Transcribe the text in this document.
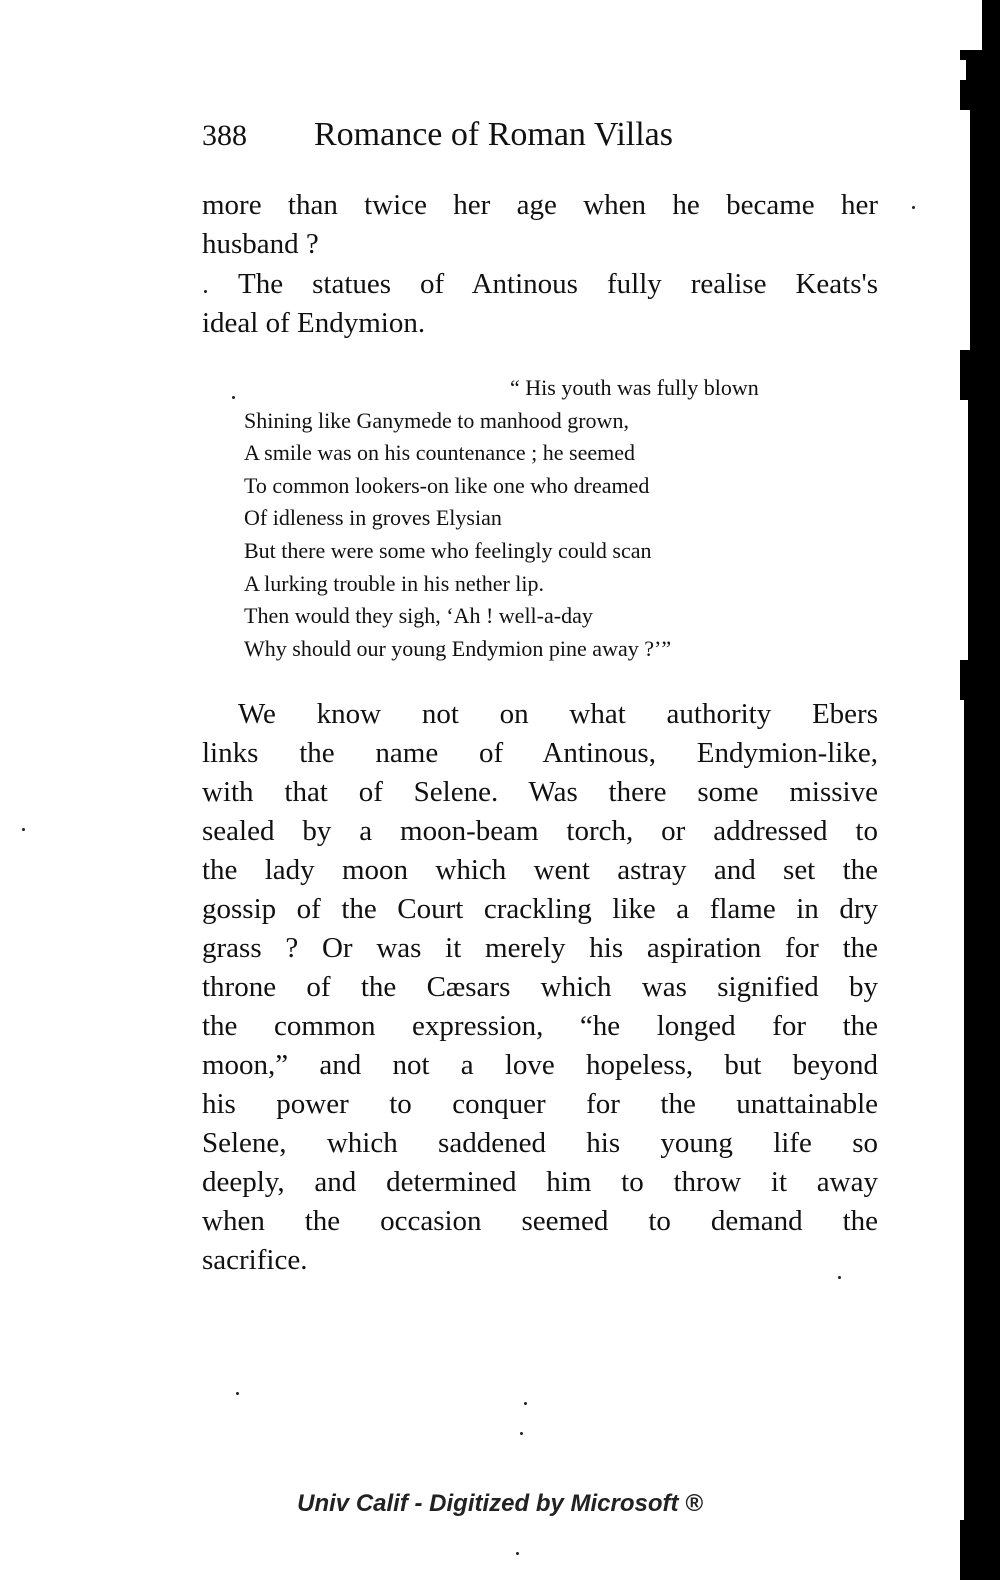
388 Romance of Roman Villas
more than twice her age when he became her
husband ?
The statues of Antinous fully realise Keats's
ideal of Endymion.
“ His youth was fully blown
Shining like Ganymede to manhood grown,
A smile was on his countenance ; he seemed
To common lookers-on like one who dreamed
Of idleness in groves Elysian
But there were some who feelingly could scan
A lurking trouble in his nether lip.
Then would they sigh, ‘Ah ! well-a-day
Why should our young Endymion pine away ?’”
We know not on what authority Ebers
links the name of Antinous, Endymion-like,
with that of Selene. Was there some missive
sealed by a moon-beam torch, or addressed to
the lady moon which went astray and set the
gossip of the Court crackling like a flame in dry
grass ? Or was it merely his aspiration for the
throne of the Cæsars which was signified by
the common expression, “he longed for the
moon,” and not a love hopeless, but beyond
his power to conquer for the unattainable
Selene, which saddened his young life so
deeply, and determined him to throw it away
when the occasion seemed to demand the
sacrifice.
Univ Calif - Digitized by Microsoft ®
